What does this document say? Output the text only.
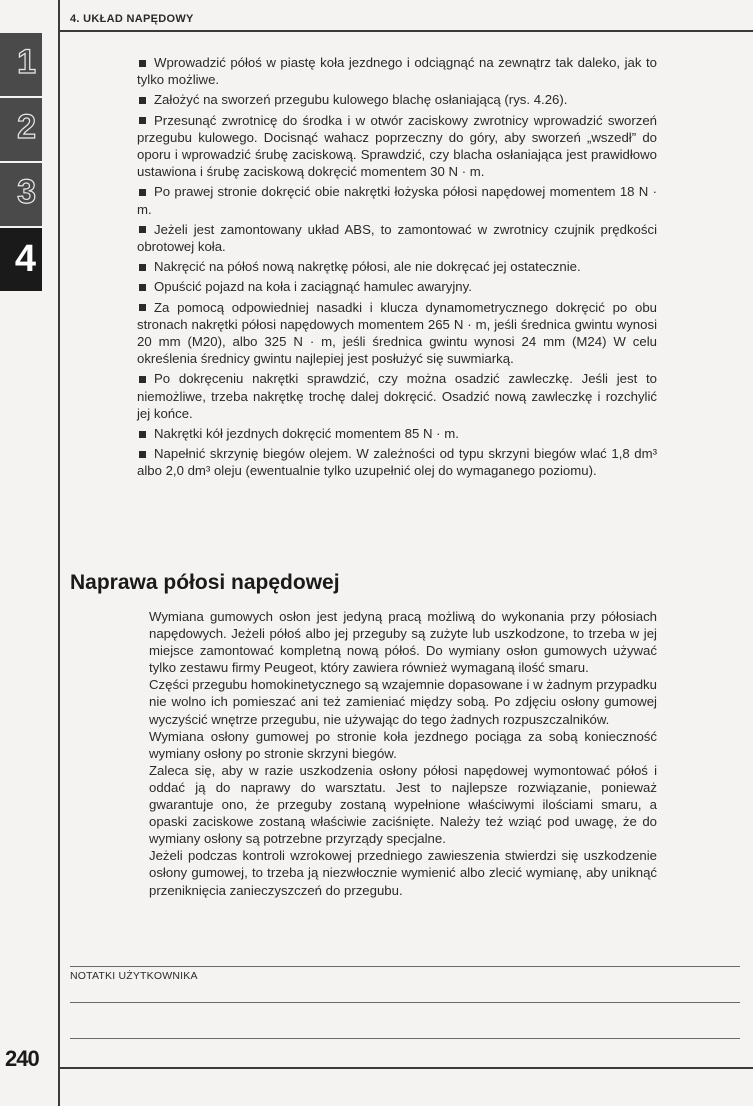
4. UKŁAD NAPĘDOWY
1
2
3
4

Wprowadzić półoś w piastę koła jezdnego i odciągnąć na zewnątrz tak daleko, jak to tylko możliwe.

Założyć na sworzeń przegubu kulowego blachę osłaniającą (rys. 4.26).

Przesunąć zwrotnicę do środka i w otwór zaciskowy zwrotnicy wprowadzić sworzeń przegubu kulowego. Docisnąć wahacz poprzeczny do góry, aby sworzeń „wszedł” do oporu i wprowadzić śrubę zaciskową. Sprawdzić, czy blacha osłaniająca jest prawidłowo ustawiona i śrubę zaciskową dokręcić momentem 30 N · m.

Po prawej stronie dokręcić obie nakrętki łożyska półosi napędowej momentem 18 N · m.

Jeżeli jest zamontowany układ ABS, to zamontować w zwrotnicy czujnik prędkości obrotowej koła.

Nakręcić na półoś nową nakrętkę półosi, ale nie dokręcać jej ostatecznie.

Opuścić pojazd na koła i zaciągnąć hamulec awaryjny.

Za pomocą odpowiedniej nasadki i klucza dynamometrycznego dokręcić po obu stronach nakrętki półosi napędowych momentem 265 N · m, jeśli średnica gwintu wynosi 20 mm (M20), albo 325 N · m, jeśli średnica gwintu wynosi 24 mm (M24) W celu określenia średnicy gwintu najlepiej jest posłużyć się suwmiarką.

Po dokręceniu nakrętki sprawdzić, czy można osadzić zawleczkę. Jeśli jest to niemożliwe, trzeba nakrętkę trochę dalej dokręcić. Osadzić nową zawleczkę i rozchylić jej końce.

Nakrętki kół jezdnych dokręcić momentem 85 N · m.

Napełnić skrzynię biegów olejem. W zależności od typu skrzyni biegów wlać 1,8 dm³ albo 2,0 dm³ oleju (ewentualnie tylko uzupełnić olej do wymaganego poziomu).

Naprawa półosi napędowej

Wymiana gumowych osłon jest jedyną pracą możliwą do wykonania przy półosiach napędowych. Jeżeli półoś albo jej przeguby są zużyte lub uszkodzone, to trzeba w jej miejsce zamontować kompletną nową półoś. Do wymiany osłon gumowych używać tylko zestawu firmy Peugeot, który zawiera również wymaganą ilość smaru.

Części przegubu homokinetycznego są wzajemnie dopasowane i w żadnym przypadku nie wolno ich pomieszać ani też zamieniać między sobą. Po zdjęciu osłony gumowej wyczyścić wnętrze przegubu, nie używając do tego żadnych rozpuszczalników.

Wymiana osłony gumowej po stronie koła jezdnego pociąga za sobą konieczność wymiany osłony po stronie skrzyni biegów.

Zaleca się, aby w razie uszkodzenia osłony półosi napędowej wymontować półoś i oddać ją do naprawy do warsztatu. Jest to najlepsze rozwiązanie, ponieważ gwarantuje ono, że przeguby zostaną wypełnione właściwymi ilościami smaru, a opaski zaciskowe zostaną właściwie zaciśnięte. Należy też wziąć pod uwagę, że do wymiany osłony są potrzebne przyrządy specjalne.

Jeżeli podczas kontroli wzrokowej przedniego zawieszenia stwierdzi się uszkodzenie osłony gumowej, to trzeba ją niezwłocznie wymienić albo zlecić wymianę, aby uniknąć przeniknięcia zanieczyszczeń do przegubu.

NOTATKI UŻYTKOWNIKA
240
